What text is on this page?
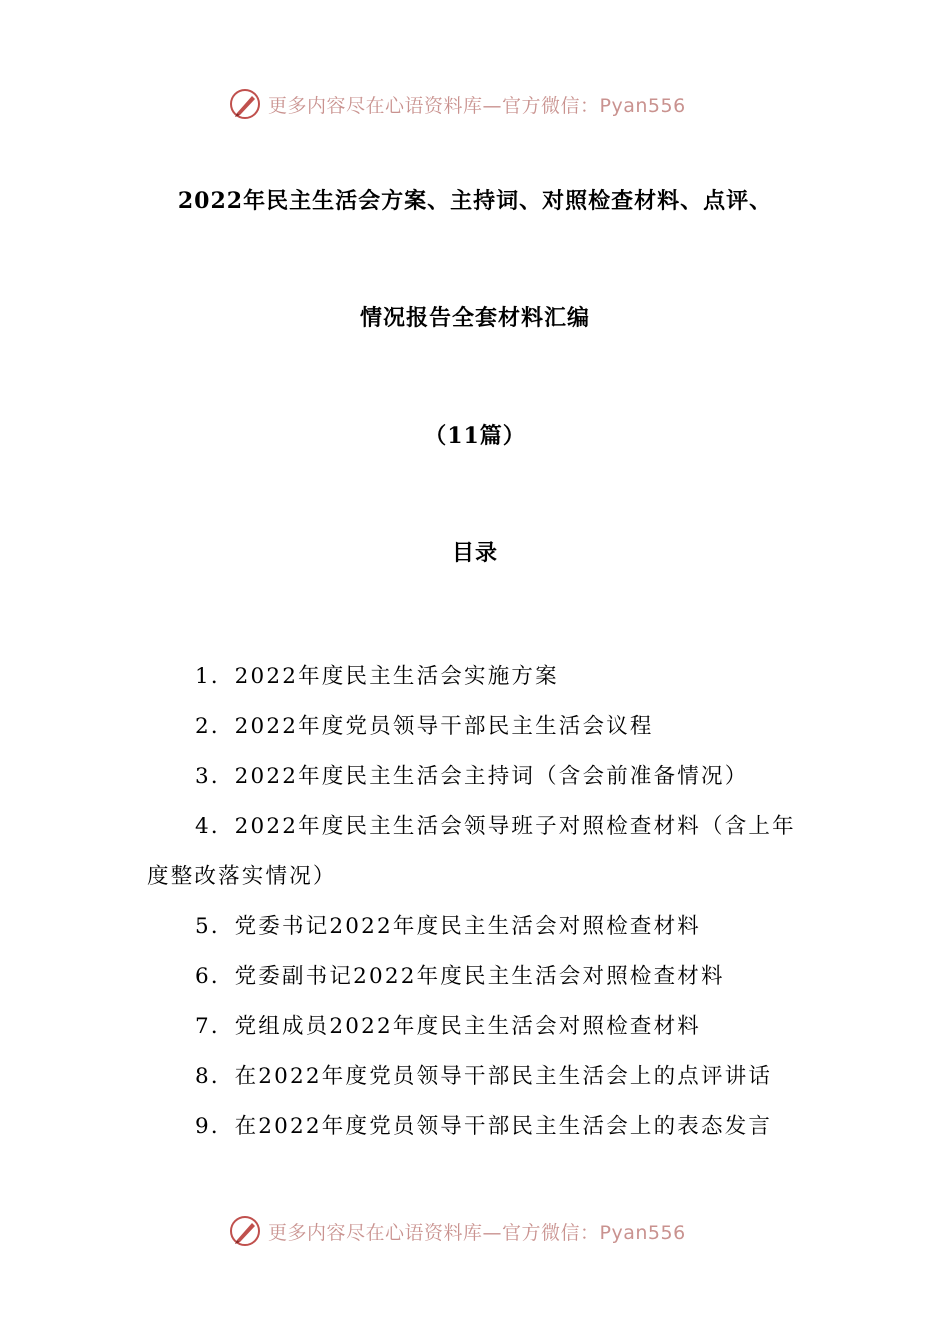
更多内容尽在心语资料库—官方微信：Pyan556
2022年民主生活会方案、主持词、对照检查材料、点评、
情况报告全套材料汇编
（11篇）
目录
1．2022年度民主生活会实施方案
2．2022年度党员领导干部民主生活会议程
3．2022年度民主生活会主持词（含会前准备情况）
4．2022年度民主生活会领导班子对照检查材料（含上年度整改落实情况）
5．党委书记2022年度民主生活会对照检查材料
6．党委副书记2022年度民主生活会对照检查材料
7．党组成员2022年度民主生活会对照检查材料
8．在2022年度党员领导干部民主生活会上的点评讲话
9．在2022年度党员领导干部民主生活会上的表态发言
更多内容尽在心语资料库—官方微信：Pyan556
